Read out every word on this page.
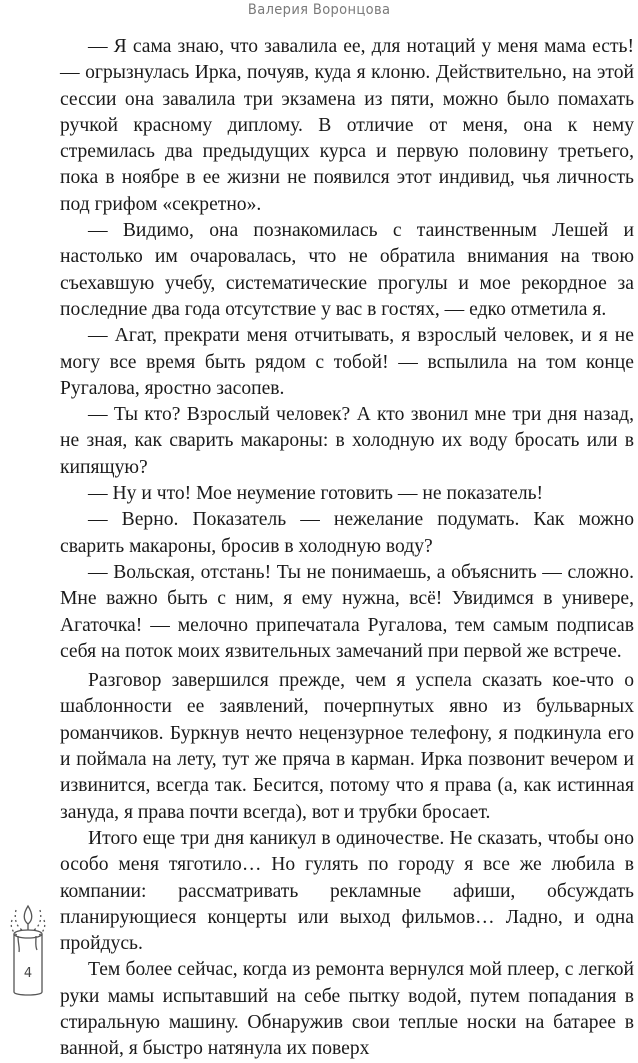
Валерия Воронцова

— Я сама знаю, что завалила ее, для нотаций у меня мама есть! — огрызнулась Ирка, почуяв, куда я клоню. Действительно, на этой сессии она завалила три экзамена из пяти, можно было помахать ручкой красному диплому. В отличие от меня, она к нему стремилась два предыдущих курса и первую половину третьего, пока в ноябре в ее жизни не появился этот индивид, чья личность под грифом «секретно».

— Видимо, она познакомилась с таинственным Лешей и настолько им очаровалась, что не обратила внимания на твою съехавшую учебу, систематические прогулы и мое рекордное за последние два года отсутствие у вас в гостях, — едко отметила я.

— Агат, прекрати меня отчитывать, я взрослый человек, и я не могу все время быть рядом с тобой! — вспылила на том конце Ругалова, яростно засопев.

— Ты кто? Взрослый человек? А кто звонил мне три дня назад, не зная, как сварить макароны: в холодную их воду бросать или в кипящую?

— Ну и что! Мое неумение готовить — не показатель!

— Верно. Показатель — нежелание подумать. Как можно сварить макароны, бросив в холодную воду?

— Вольская, отстань! Ты не понимаешь, а объяснить — сложно. Мне важно быть с ним, я ему нужна, всё! Увидимся в универе, Агаточка! — мелочно припечатала Ругалова, тем самым подписав себя на поток моих язвительных замечаний при первой же встрече.

Разговор завершился прежде, чем я успела сказать кое-что о шаблонности ее заявлений, почерпнутых явно из бульварных романчиков. Буркнув нечто нецензурное телефону, я подкинула его и поймала на лету, тут же пряча в карман. Ирка позвонит вечером и извинится, всегда так. Бесится, потому что я права (а, как истинная зануда, я права почти всегда), вот и трубки бросает.

Итого еще три дня каникул в одиночестве. Не сказать, чтобы оно особо меня тяготило… Но гулять по городу я все же любила в компании: рассматривать рекламные афиши, обсуждать планирующиеся концерты или выход фильмов… Ладно, и одна пройдусь.

Тем более сейчас, когда из ремонта вернулся мой плеер, с легкой руки мамы испытавший на себе пытку водой, путем попадания в стиральную машину. Обнаружив свои теплые носки на батарее в ванной, я быстро натянула их поверх

4
